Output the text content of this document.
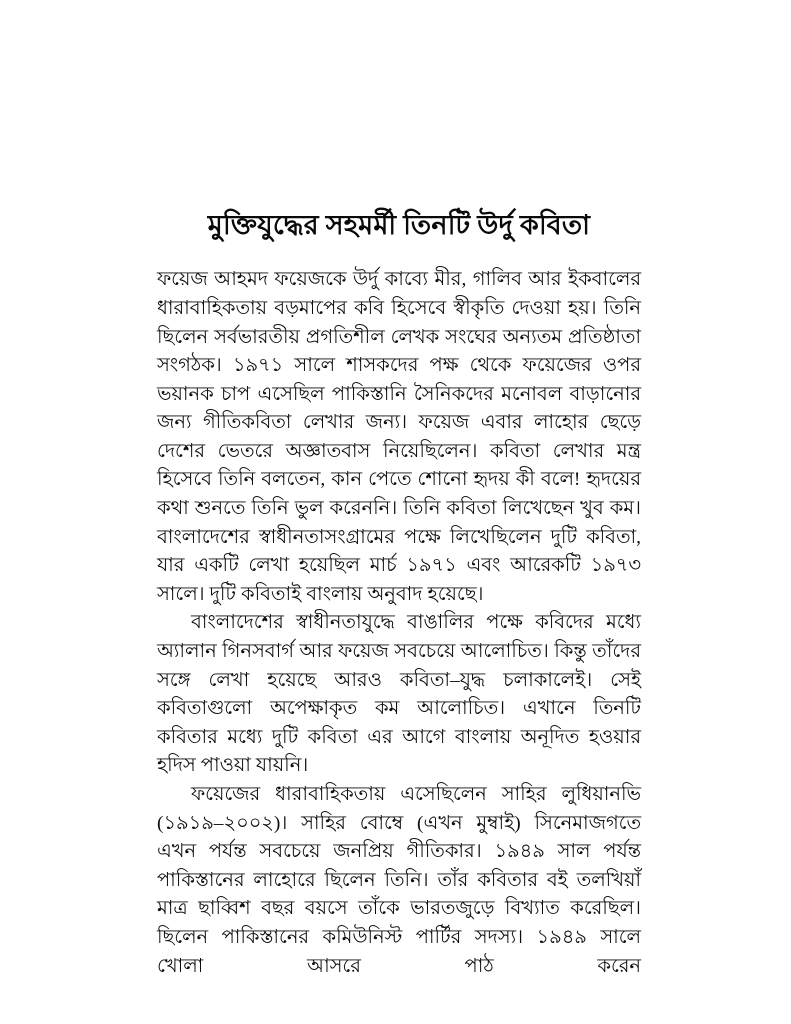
মুক্তিযুদ্ধের সহমর্মী তিনটি উর্দু কবিতা

ফয়েজ আহমদ ফয়েজকে উর্দু কাব্যে মীর, গালিব আর ইকবালের ধারাবাহিকতায় বড়মাপের কবি হিসেবে স্বীকৃতি দেওয়া হয়। তিনি ছিলেন সর্বভারতীয় প্রগতিশীল লেখক সংঘের অন্যতম প্রতিষ্ঠাতা সংগঠক। ১৯৭১ সালে শাসকদের পক্ষ থেকে ফয়েজের ওপর ভয়ানক চাপ এসেছিল পাকিস্তানি সৈনিকদের মনোবল বাড়ানোর জন্য গীতিকবিতা লেখার জন্য। ফয়েজ এবার লাহোর ছেড়ে দেশের ভেতরে অজ্ঞাতবাস নিয়েছিলেন। কবিতা লেখার মন্ত্র হিসেবে তিনি বলতেন, কান পেতে শোনো হৃদয় কী বলে! হৃদয়ের কথা শুনতে তিনি ভুল করেননি। তিনি কবিতা লিখেছেন খুব কম। বাংলাদেশের স্বাধীনতাসংগ্রামের পক্ষে লিখেছিলেন দুটি কবিতা, যার একটি লেখা হয়েছিল মার্চ ১৯৭১ এবং আরেকটি ১৯৭৩ সালে। দুটি কবিতাই বাংলায় অনুবাদ হয়েছে।

বাংলাদেশের স্বাধীনতাযুদ্ধে বাঙালির পক্ষে কবিদের মধ্যে অ্যালান গিনসবার্গ আর ফয়েজ সবচেয়ে আলোচিত। কিন্তু তাঁদের সঙ্গে লেখা হয়েছে আরও কবিতা–যুদ্ধ চলাকালেই। সেই কবিতাগুলো অপেক্ষাকৃত কম আলোচিত। এখানে তিনটি কবিতার মধ্যে দুটি কবিতা এর আগে বাংলায় অনূদিত হওয়ার হদিস পাওয়া যায়নি।

ফয়েজের ধারাবাহিকতায় এসেছিলেন সাহির লুধিয়ানভি (১৯১৯–২০০২)। সাহির বোম্বে (এখন মুম্বাই) সিনেমাজগতে এখন পর্যন্ত সবচেয়ে জনপ্রিয় গীতিকার। ১৯৪৯ সাল পর্যন্ত পাকিস্তানের লাহোরে ছিলেন তিনি। তাঁর কবিতার বই তলখিয়াঁ মাত্র ছাব্বিশ বছর বয়সে তাঁকে ভারতজুড়ে বিখ্যাত করেছিল। ছিলেন পাকিস্তানের কমিউনিস্ট পার্টির সদস্য। ১৯৪৯ সালে খোলা আসরে পাঠ করেন
